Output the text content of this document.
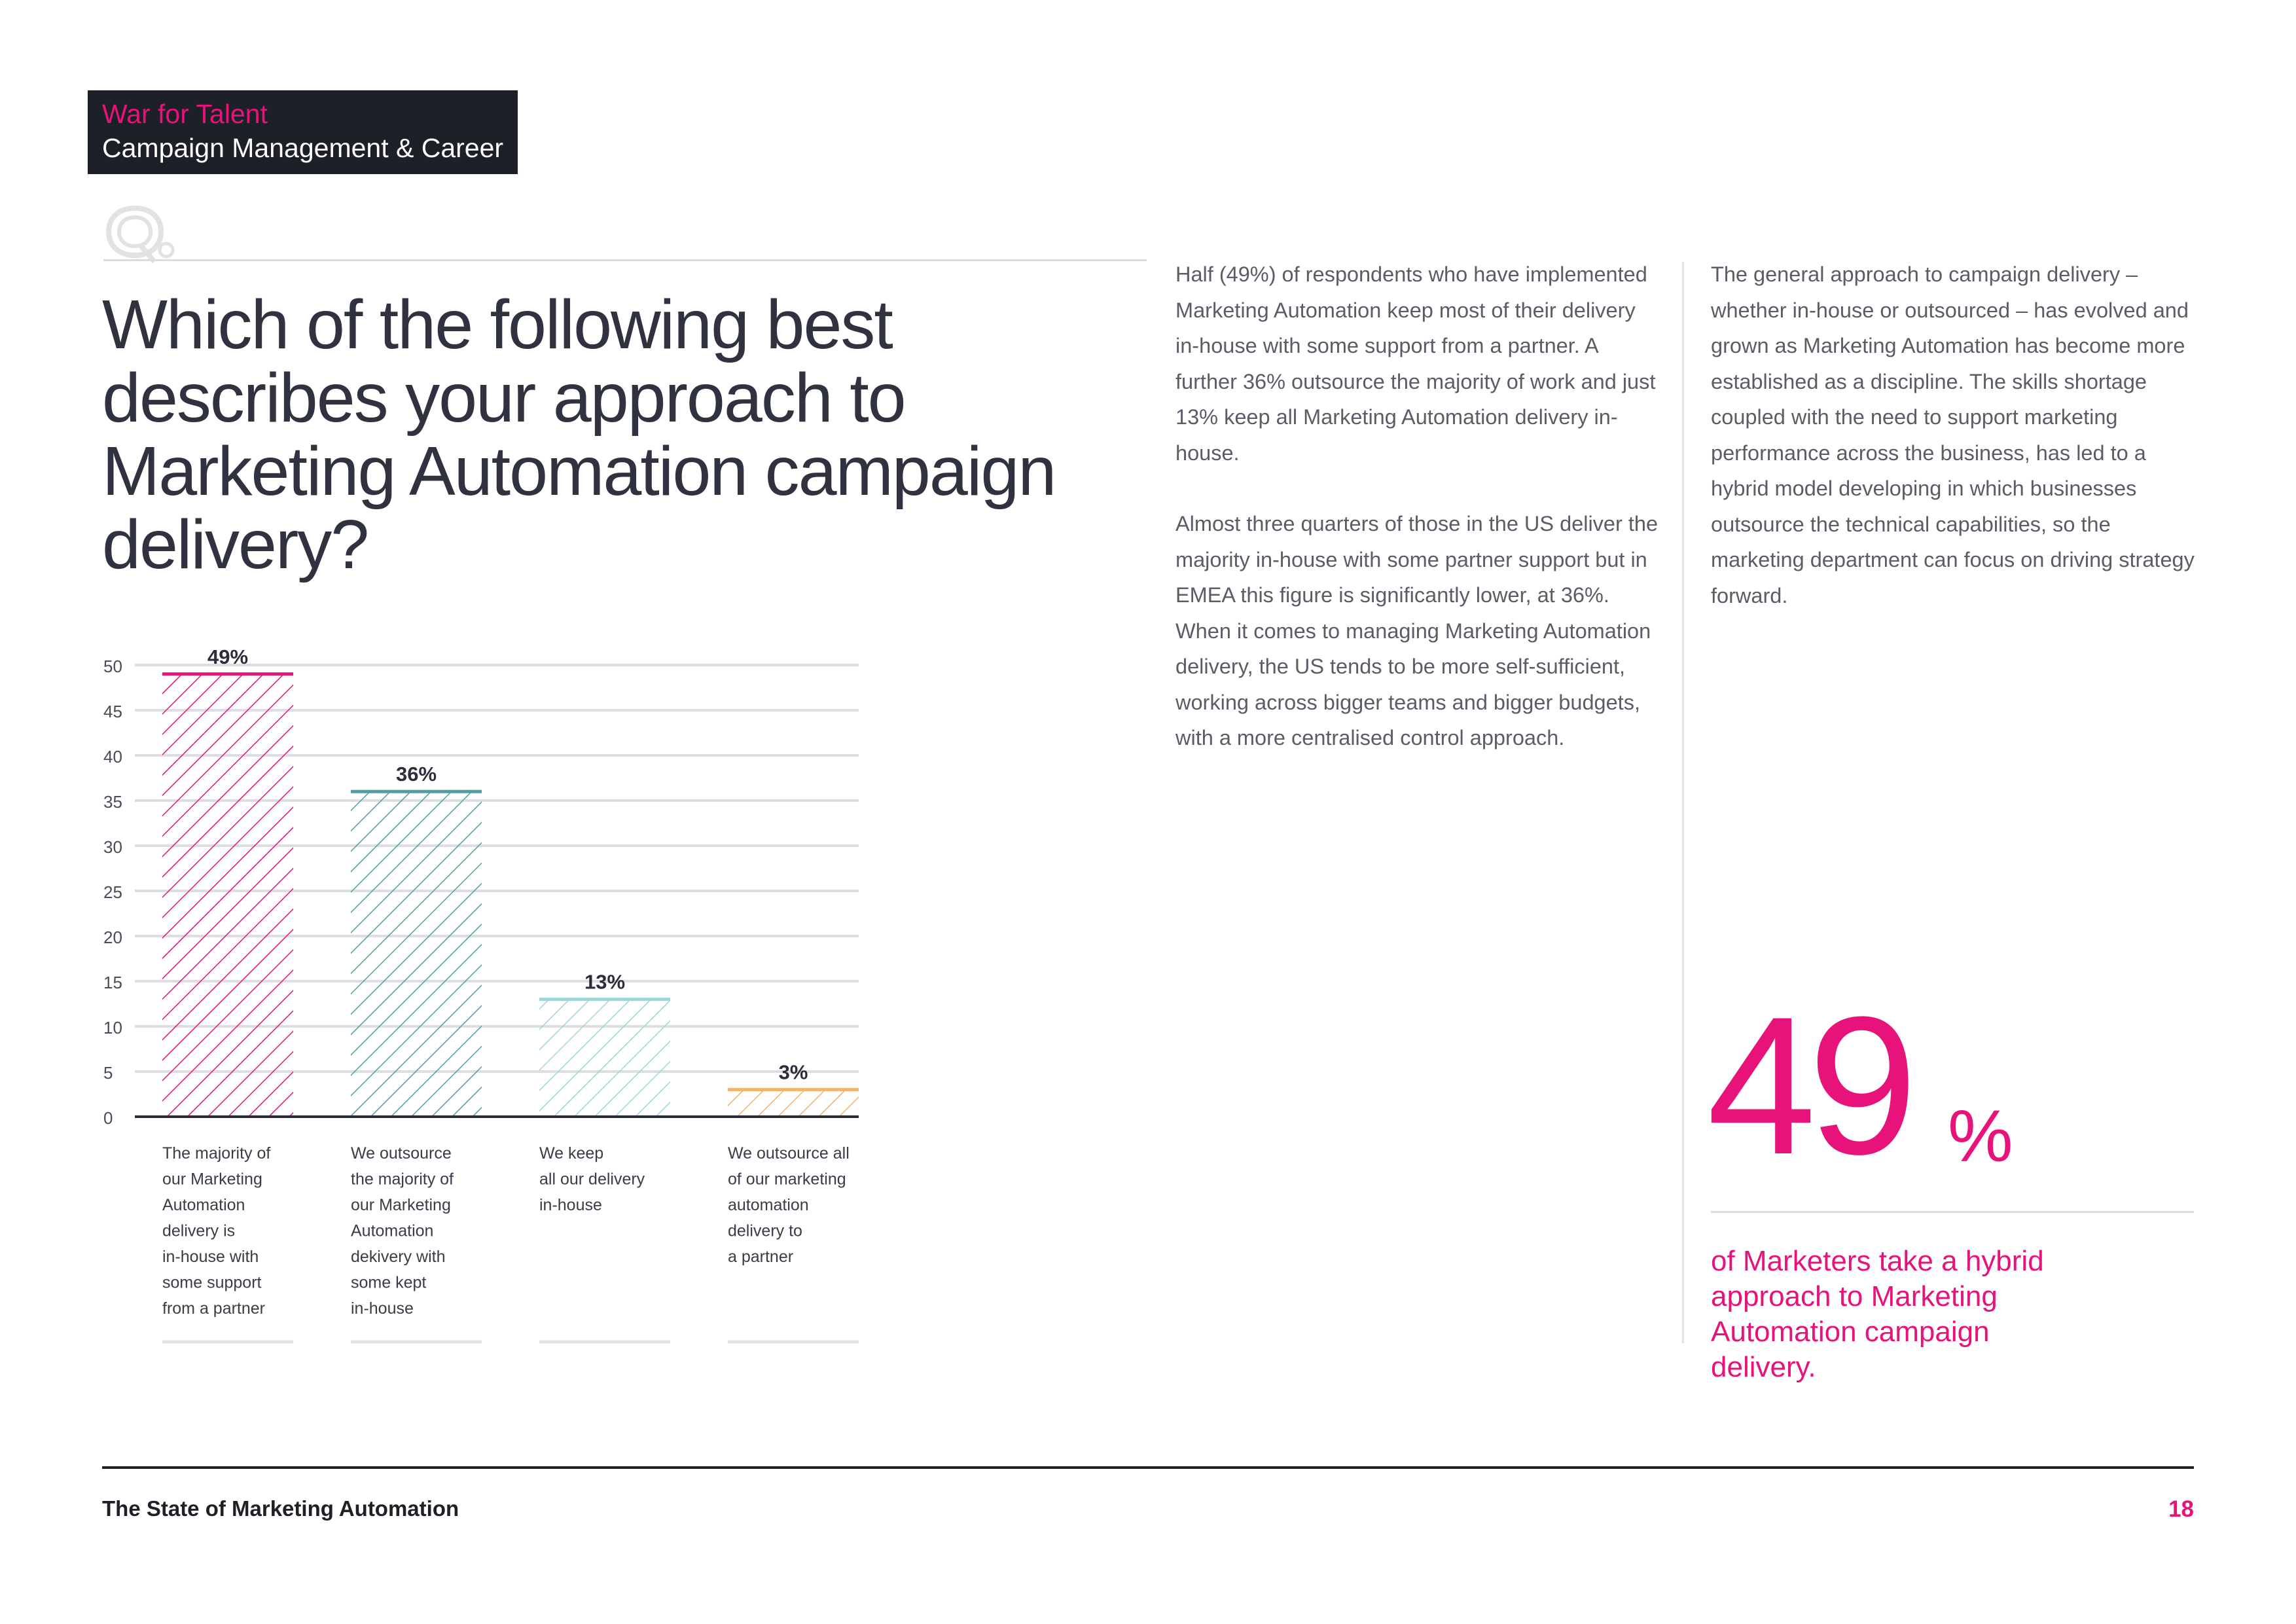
War for Talent
Campaign Management & Career
Which of the following best describes your approach to Marketing Automation campaign delivery?

Half (49%) of respondents who have implemented Marketing Automation keep most of their delivery in-house with some support from a partner. A further 36% outsource the majority of work and just 13% keep all Marketing Automation delivery in-house.

Almost three quarters of those in the US deliver the majority in-house with some partner support but in EMEA this figure is significantly lower, at 36%. When it comes to managing Marketing Automation delivery, the US tends to be more self-sufficient, working across bigger teams and bigger budgets, with a more centralised control approach.

The general approach to campaign delivery – whether in-house or outsourced – has evolved and grown as Marketing Automation has become more established as a discipline. The skills shortage coupled with the need to support marketing performance across the business, has led to a hybrid model developing in which businesses outsource the technical capabilities, so the marketing department can focus on driving strategy forward.

49 %
of Marketers take a hybrid approach to Marketing Automation campaign delivery.
0
5
10
15
20
25
30
35
40
45
50	49%
The majority of
our Marketing
Automation
delivery is
in-house with
some support
from a partner
36%
We outsource
the majority of
our Marketing
Automation
dekivery with
some kept
in-house
13%
We keep
all our delivery
in-house
3%
We outsource all
of our marketing
automation
delivery to
a partner
The State of Marketing Automation	18
